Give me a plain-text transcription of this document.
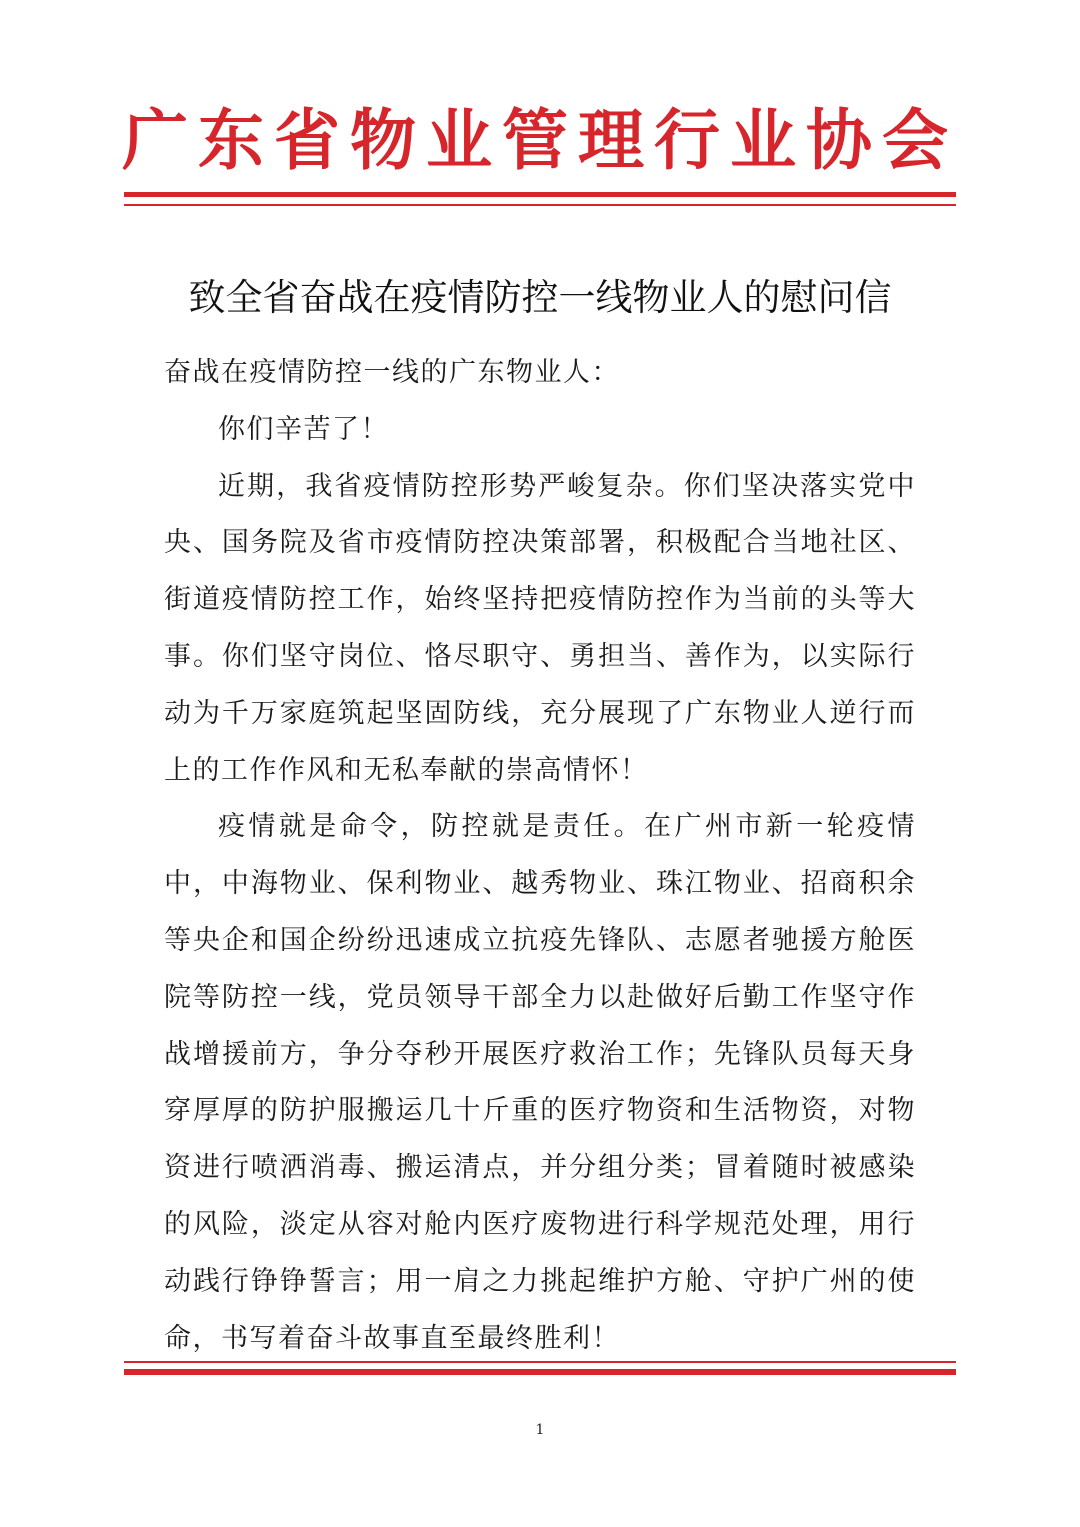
广东省物业管理行业协会
致全省奋战在疫情防控一线物业人的慰问信

奋战在疫情防控一线的广东物业人：

你们辛苦了！

近期，我省疫情防控形势严峻复杂。你们坚决落实党中央、国务院及省市疫情防控决策部署，积极配合当地社区、街道疫情防控工作，始终坚持把疫情防控作为当前的头等大事。你们坚守岗位、恪尽职守、勇担当、善作为，以实际行动为千万家庭筑起坚固防线，充分展现了广东物业人逆行而上的工作作风和无私奉献的崇高情怀！

疫情就是命令，防控就是责任。在广州市新一轮疫情中，中海物业、保利物业、越秀物业、珠江物业、招商积余等央企和国企纷纷迅速成立抗疫先锋队、志愿者驰援方舱医院等防控一线，党员领导干部全力以赴做好后勤工作坚守作战增援前方，争分夺秒开展医疗救治工作；先锋队员每天身穿厚厚的防护服搬运几十斤重的医疗物资和生活物资，对物资进行喷洒消毒、搬运清点，并分组分类；冒着随时被感染的风险，淡定从容对舱内医疗废物进行科学规范处理，用行动践行铮铮誓言；用一肩之力挑起维护方舱、守护广州的使命，书写着奋斗故事直至最终胜利！

1
